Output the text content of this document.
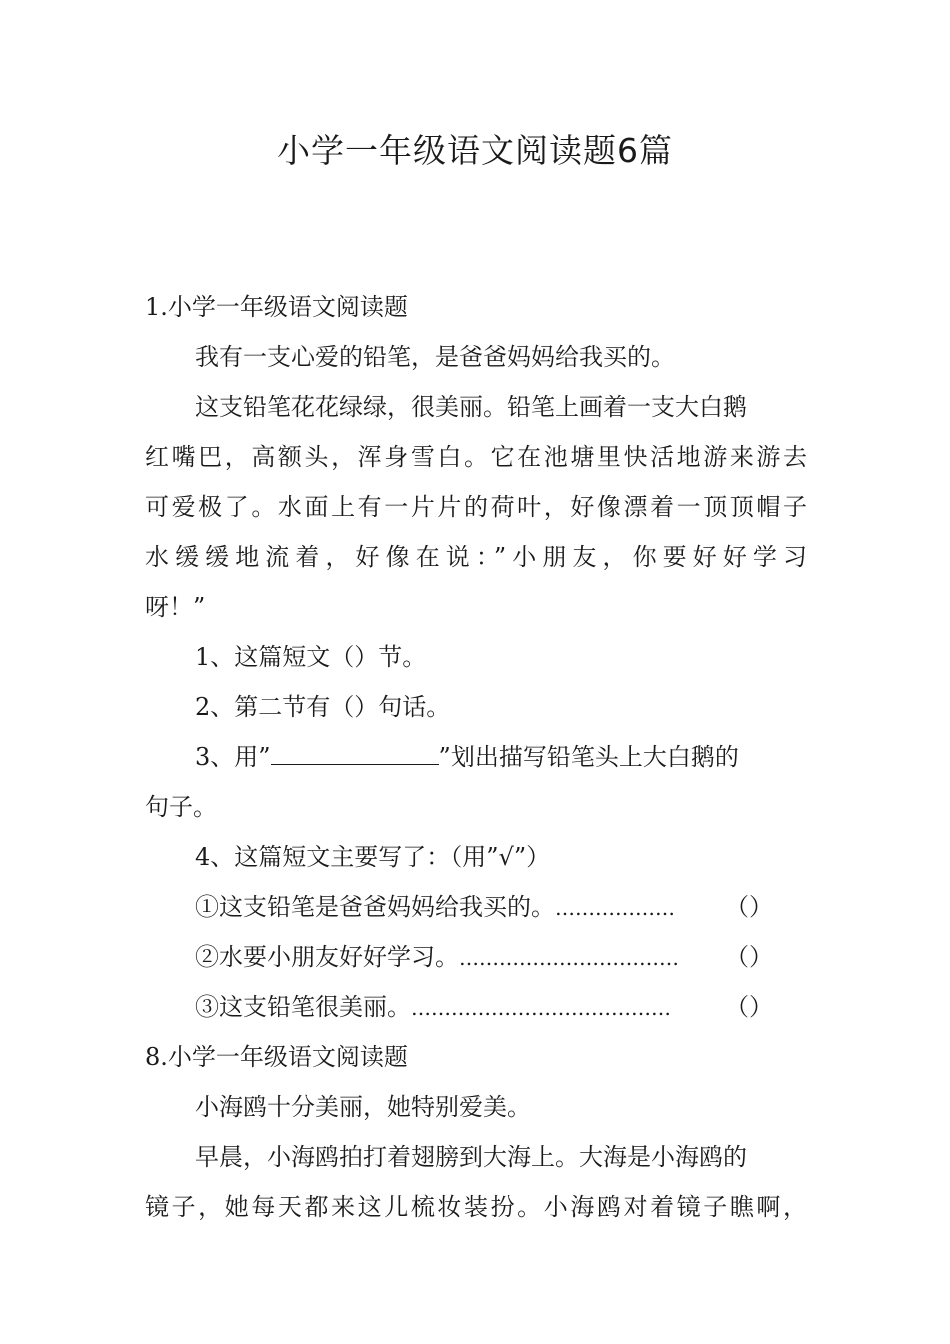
小学一年级语文阅读题6篇
1.小学一年级语文阅读题
我有一支心爱的铅笔，是爸爸妈妈给我买的。
这支铅笔花花绿绿，很美丽。铅笔上画着一支大白鹅
红嘴巴，高额头，浑身雪白。它在池塘里快活地游来游去
可爱极了。水面上有一片片的荷叶，好像漂着一顶顶帽子
水缓缓地流着，好像在说：”小朋友，你要好好学习
呀！”
1、这篇短文（）节。
2、第二节有（）句话。
3、用”	”划出描写铅笔头上大白鹅的
句子。
4、这篇短文主要写了：（用”√”）
①这支铅笔是爸爸妈妈给我买的。 ………………	（）
②水要小朋友好好学习。 ……………………………	（）
③这支铅笔很美丽。 …………………………………	（）
8.小学一年级语文阅读题
小海鸥十分美丽，她特别爱美。
早晨，小海鸥拍打着翅膀到大海上。大海是小海鸥的
镜子，她每天都来这儿梳妆装扮。小海鸥对着镜子瞧啊，
